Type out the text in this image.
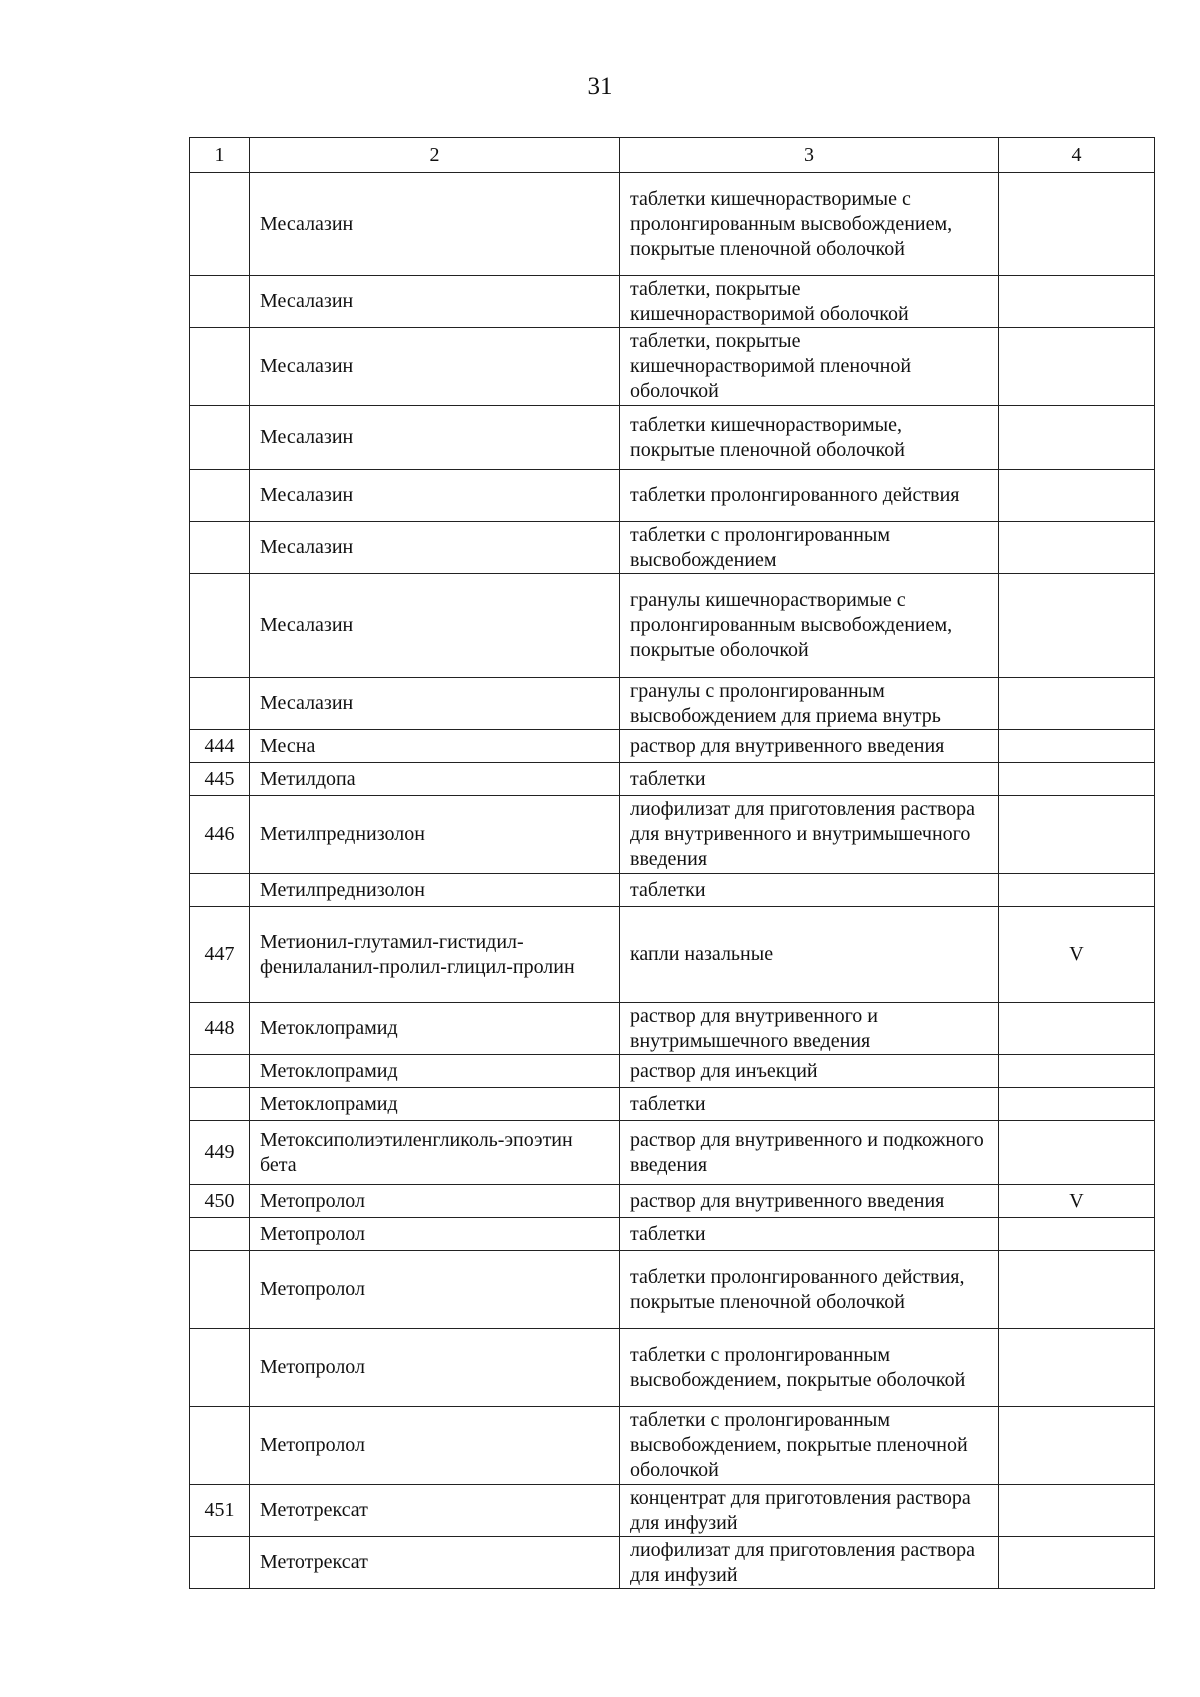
31
1	2	3	4
	Месалазин	таблетки кишечнорастворимые с пролонгированным высвобождением, покрытые пленочной оболочкой	
	Месалазин	таблетки, покрытые кишечнорастворимой оболочкой	
	Месалазин	таблетки, покрытые кишечнорастворимой пленочной оболочкой	
	Месалазин	таблетки кишечнорастворимые, покрытые пленочной оболочкой	
	Месалазин	таблетки пролонгированного действия	
	Месалазин	таблетки с пролонгированным высвобождением	
	Месалазин	гранулы кишечнорастворимые с пролонгированным высвобождением, покрытые оболочкой	
	Месалазин	гранулы с пролонгированным высвобождением для приема внутрь	
444	Месна	раствор для внутривенного введения	
445	Метилдопа	таблетки	
446	Метилпреднизолон	лиофилизат для приготовления раствора для внутривенного и внутримышечного введения	
	Метилпреднизолон	таблетки	
447	Метионил-глутамил-гистидил-фенилаланил-пролил-глицил-пролин	капли назальные	V
448	Метоклопрамид	раствор для внутривенного и внутримышечного введения	
	Метоклопрамид	раствор для инъекций	
	Метоклопрамид	таблетки	
449	Метоксиполиэтиленгликоль-эпоэтин бета	раствор для внутривенного и подкожного введения	
450	Метопролол	раствор для внутривенного введения	V
	Метопролол	таблетки	
	Метопролол	таблетки пролонгированного действия, покрытые пленочной оболочкой	
	Метопролол	таблетки с пролонгированным высвобождением, покрытые оболочкой	
	Метопролол	таблетки с пролонгированным высвобождением, покрытые пленочной оболочкой	
451	Метотрексат	концентрат для приготовления раствора для инфузий	
	Метотрексат	лиофилизат для приготовления раствора для инфузий	
